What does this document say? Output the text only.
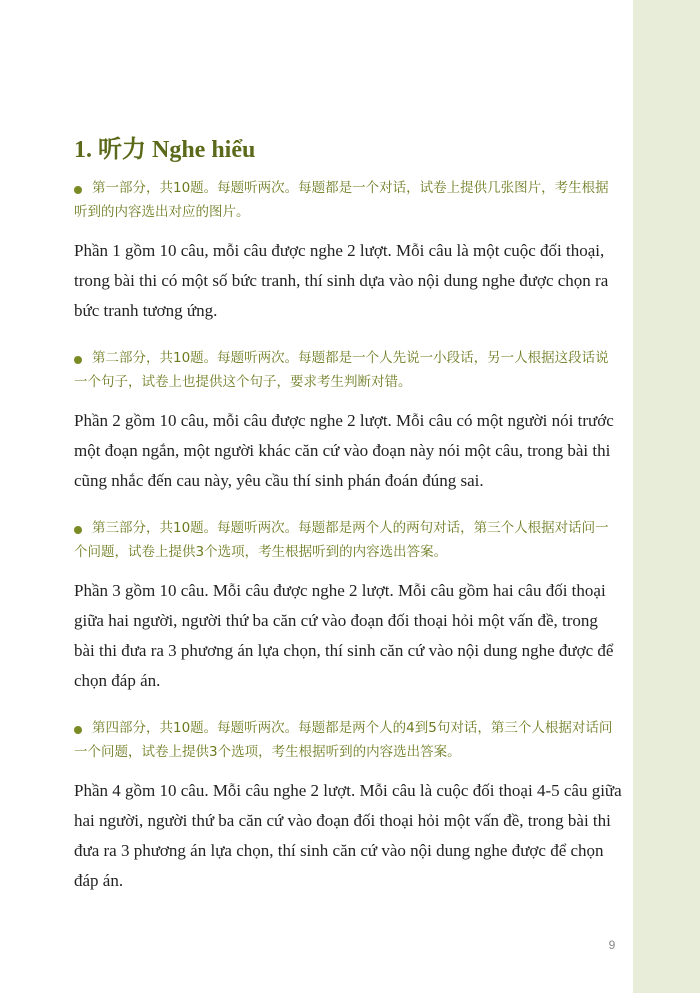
1. 听力 Nghe hiểu

第一部分，共10题。每题听两次。每题都是一个对话，试卷上提供几张图片，考生根据听到的内容选出对应的图片。

Phần 1 gồm 10 câu, mỗi câu được nghe 2 lượt. Mỗi câu là một cuộc đối thoại, trong bài thi có một số bức tranh, thí sinh dựa vào nội dung nghe được chọn ra bức tranh tương ứng.

第二部分，共10题。每题听两次。每题都是一个人先说一小段话，另一人根据这段话说一个句子，试卷上也提供这个句子，要求考生判断对错。

Phần 2 gồm 10 câu, mỗi câu được nghe 2 lượt. Mỗi câu có một người nói trước một đoạn ngắn, một người khác căn cứ vào đoạn này nói một câu, trong bài thi cũng nhắc đến cau này, yêu cầu thí sinh phán đoán đúng sai.

第三部分，共10题。每题听两次。每题都是两个人的两句对话，第三个人根据对话问一个问题，试卷上提供3个选项，考生根据听到的内容选出答案。

Phần 3 gồm 10 câu. Mỗi câu được nghe 2 lượt. Mỗi câu gồm hai câu đối thoại giữa hai người, người thứ ba căn cứ vào đoạn đối thoại hỏi một vấn đề, trong bài thi đưa ra 3 phương án lựa chọn, thí sinh căn cứ vào nội dung nghe được để chọn đáp án.

第四部分，共10题。每题听两次。每题都是两个人的4到5句对话，第三个人根据对话问一个问题，试卷上提供3个选项，考生根据听到的内容选出答案。

Phần 4 gồm 10 câu. Mỗi câu nghe 2 lượt. Mỗi câu là cuộc đối thoại 4-5 câu giữa hai người, người thứ ba căn cứ vào đoạn đối thoại hỏi một vấn đề, trong bài thi đưa ra 3 phương án lựa chọn, thí sinh căn cứ vào nội dung nghe được để chọn đáp án.

9
